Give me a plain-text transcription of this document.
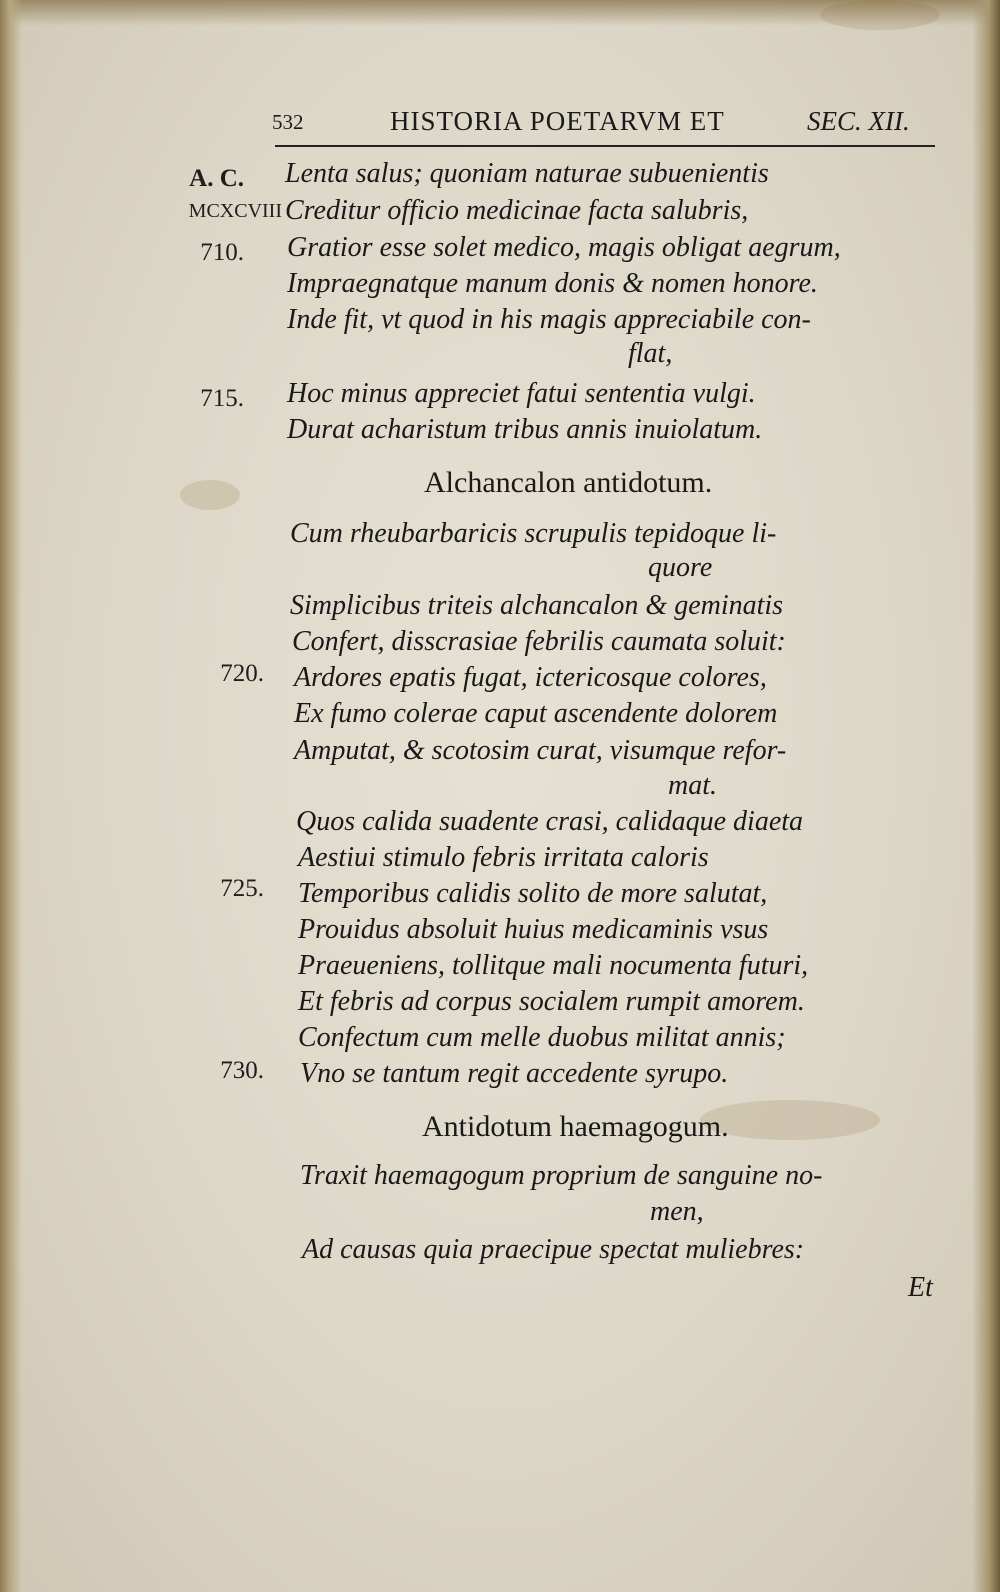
532	HISTORIA POETARVM ET	SEC. XII.
A. C.
MCXCVIII
710.
715.
720.
725.
730.
Lenta salus; quoniam naturae subuenientis
Creditur officio medicinae facta salubris,
Gratior esse solet medico, magis obligat aegrum,
Impraegnatque manum donis & nomen honore.
Inde fit, vt quod in his magis appreciabile con-
flat,
Hoc minus appreciet fatui sententia vulgi.
Durat acharistum tribus annis inuiolatum.
Alchancalon antidotum.
Cum rheubarbaricis scrupulis tepidoque li-
quore
Simplicibus triteis alchancalon & geminatis
Confert, disscrasiae febrilis caumata soluit:
Ardores epatis fugat, ictericosque colores,
Ex fumo colerae caput ascendente dolorem
Amputat, & scotosim curat, visumque refor-
mat.
Quos calida suadente crasi, calidaque diaeta
Aestiui stimulo febris irritata caloris
Temporibus calidis solito de more salutat,
Prouidus absoluit huius medicaminis vsus
Praeueniens, tollitque mali nocumenta futuri,
Et febris ad corpus socialem rumpit amorem.
Confectum cum melle duobus militat annis;
Vno se tantum regit accedente syrupo.
Antidotum haemagogum.
Traxit haemagogum proprium de sanguine no-
men,
Ad causas quia praecipue spectat muliebres:
Et
